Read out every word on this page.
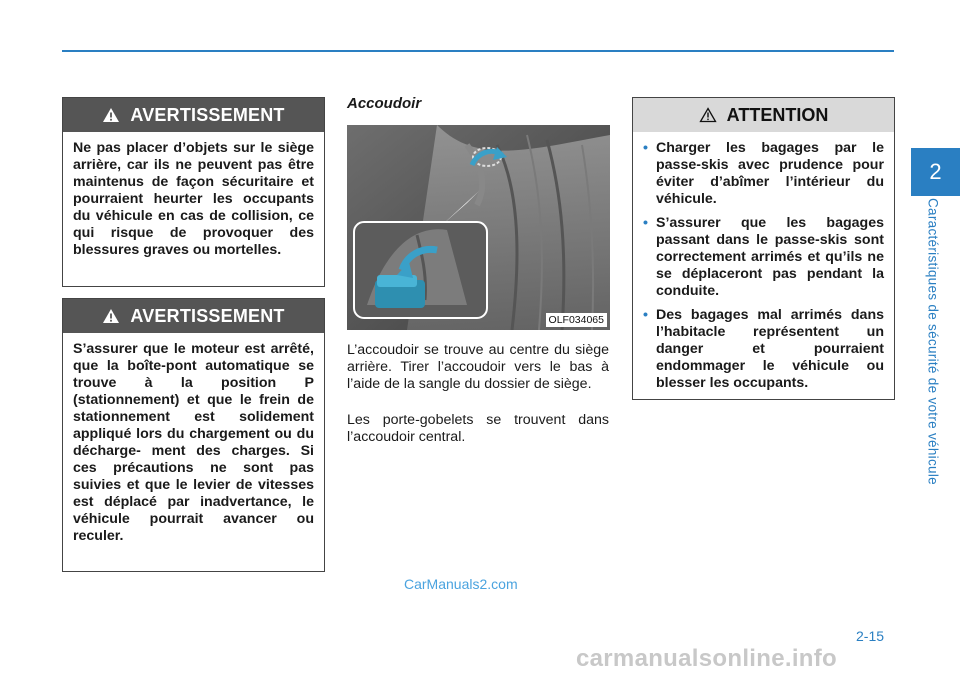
AVERTISSEMENT
Ne pas placer d’objets sur le siège arrière, car ils ne peuvent pas être maintenus de façon sécuritaire et pourraient heurter les occupants du véhicule en cas de collision, ce qui risque de provoquer des blessures graves ou mortelles.
AVERTISSEMENT
S’assurer que le moteur est arrêté, que la boîte-pont automatique se trouve à la position P (stationnement) et que le frein de stationnement est solidement appliqué lors du chargement ou du décharge- ment des charges. Si ces précautions ne sont pas suivies et que le levier de vitesses est déplacé par inadvertance, le véhicule pourrait avancer ou reculer.
Accoudoir
OLF034065

L’accoudoir se trouve au centre du siège arrière. Tirer l’accoudoir vers le bas à l’aide de la sangle du dossier de siège.

Les porte-gobelets se trouvent dans l’accoudoir central.

ATTENTION
• Charger les bagages par le passe-skis avec prudence pour éviter d’abîmer l’intérieur du véhicule.
• S’assurer que les bagages passant dans le passe-skis sont correctement arrimés et qu’ils ne se déplaceront pas pendant la conduite.
• Des bagages mal arrimés dans l’habitacle représentent un danger et pourraient endommager le véhicule ou blesser les occupants.
2
Caractéristiques de sécurité de votre véhicule
CarManuals2.com
2-15
carmanualsonline.info
